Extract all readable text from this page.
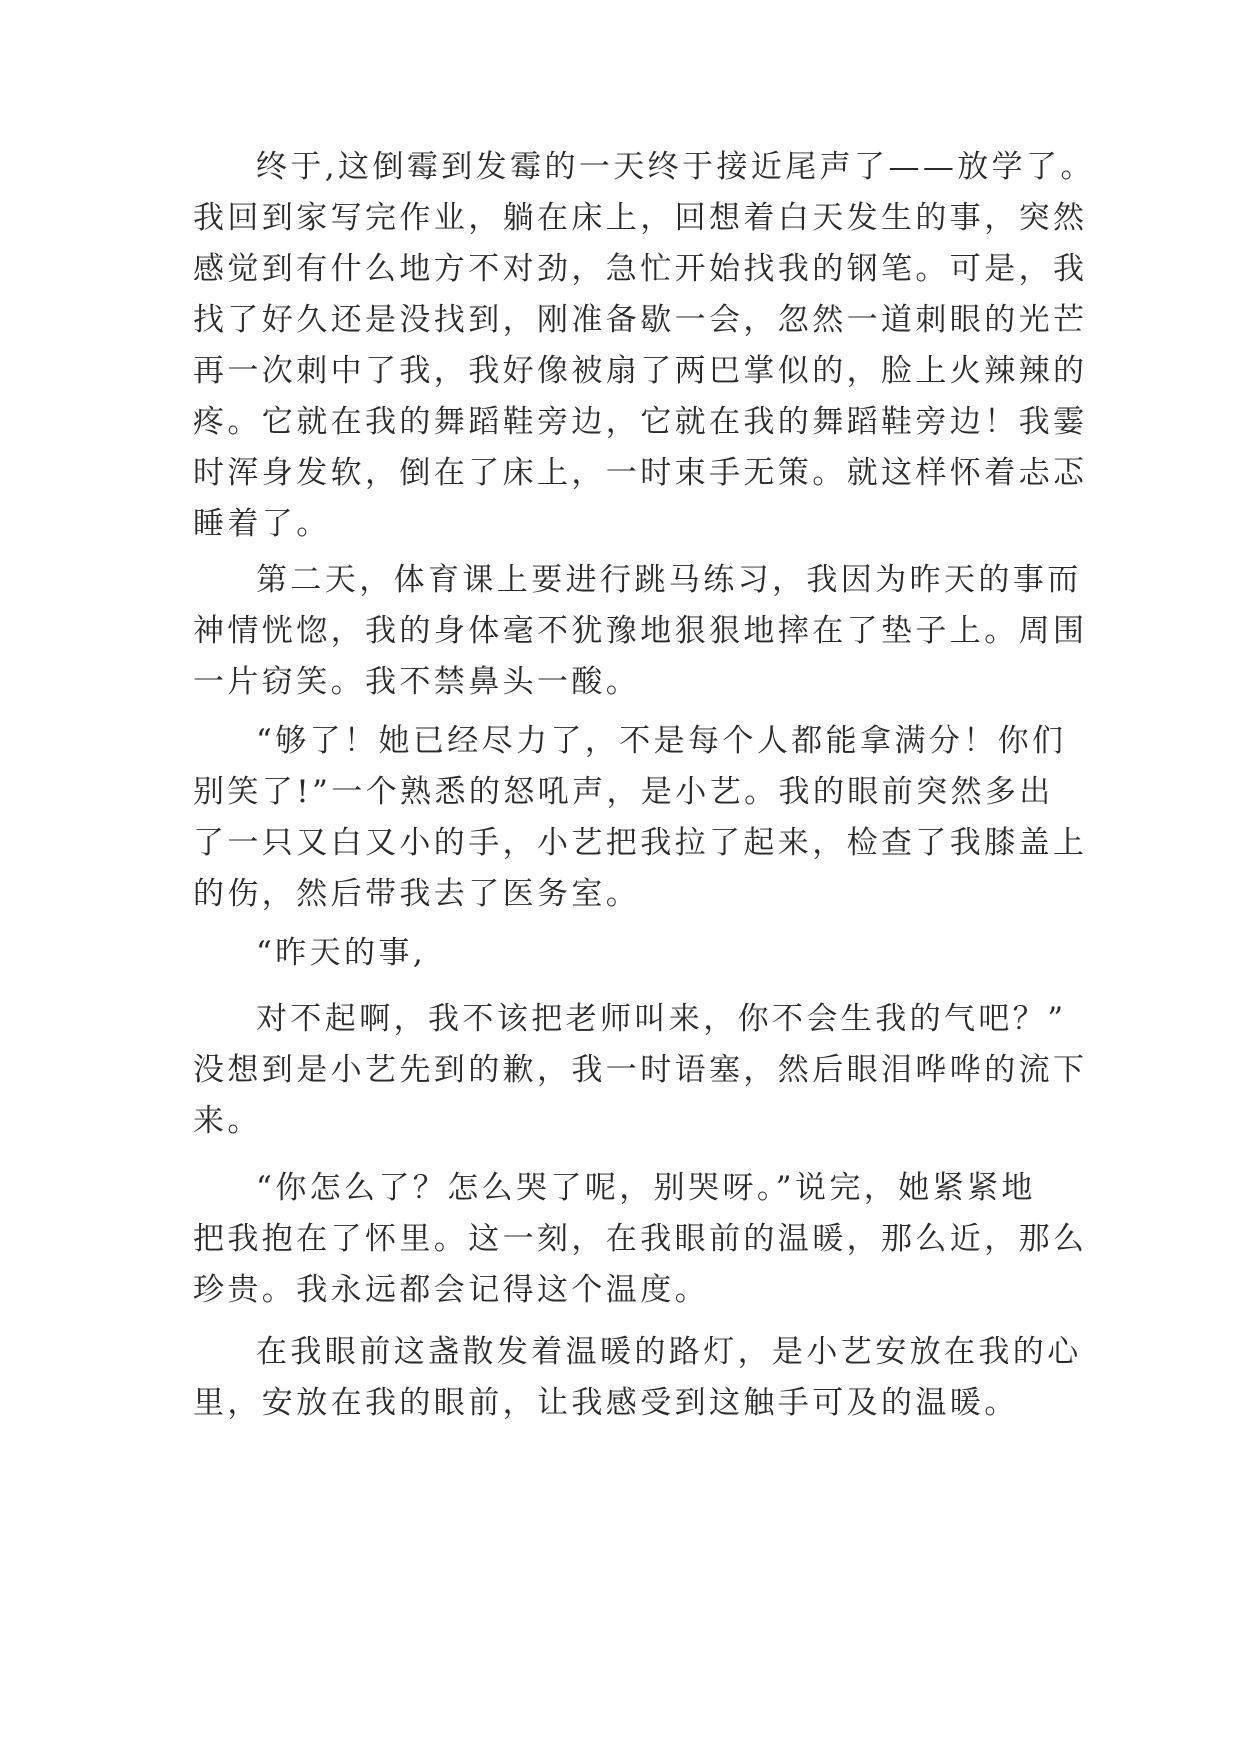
终于,这倒霉到发霉的一天终于接近尾声了——放学了。
我回到家写完作业，躺在床上，回想着白天发生的事，突然
感觉到有什么地方不对劲，急忙开始找我的钢笔。可是，我
找了好久还是没找到，刚准备歇一会，忽然一道刺眼的光芒
再一次刺中了我，我好像被扇了两巴掌似的，脸上火辣辣的
疼。它就在我的舞蹈鞋旁边，它就在我的舞蹈鞋旁边！我霎
时浑身发软，倒在了床上，一时束手无策。就这样怀着忐忑
睡着了。
第二天，体育课上要进行跳马练习，我因为昨天的事而
神情恍惚，我的身体毫不犹豫地狠狠地摔在了垫子上。周围
一片窃笑。我不禁鼻头一酸。
“够了！她已经尽力了，不是每个人都能拿满分！你们
别笑了!”一个熟悉的怒吼声，是小艺。我的眼前突然多出
了一只又白又小的手，小艺把我拉了起来，检查了我膝盖上
的伤，然后带我去了医务室。
“昨天的事,
对不起啊，我不该把老师叫来，你不会生我的气吧？”
没想到是小艺先到的歉，我一时语塞，然后眼泪哗哗的流下
来。
“你怎么了？怎么哭了呢，别哭呀。”说完，她紧紧地
把我抱在了怀里。这一刻，在我眼前的温暖，那么近，那么
珍贵。我永远都会记得这个温度。
在我眼前这盏散发着温暖的路灯，是小艺安放在我的心
里，安放在我的眼前，让我感受到这触手可及的温暖。
